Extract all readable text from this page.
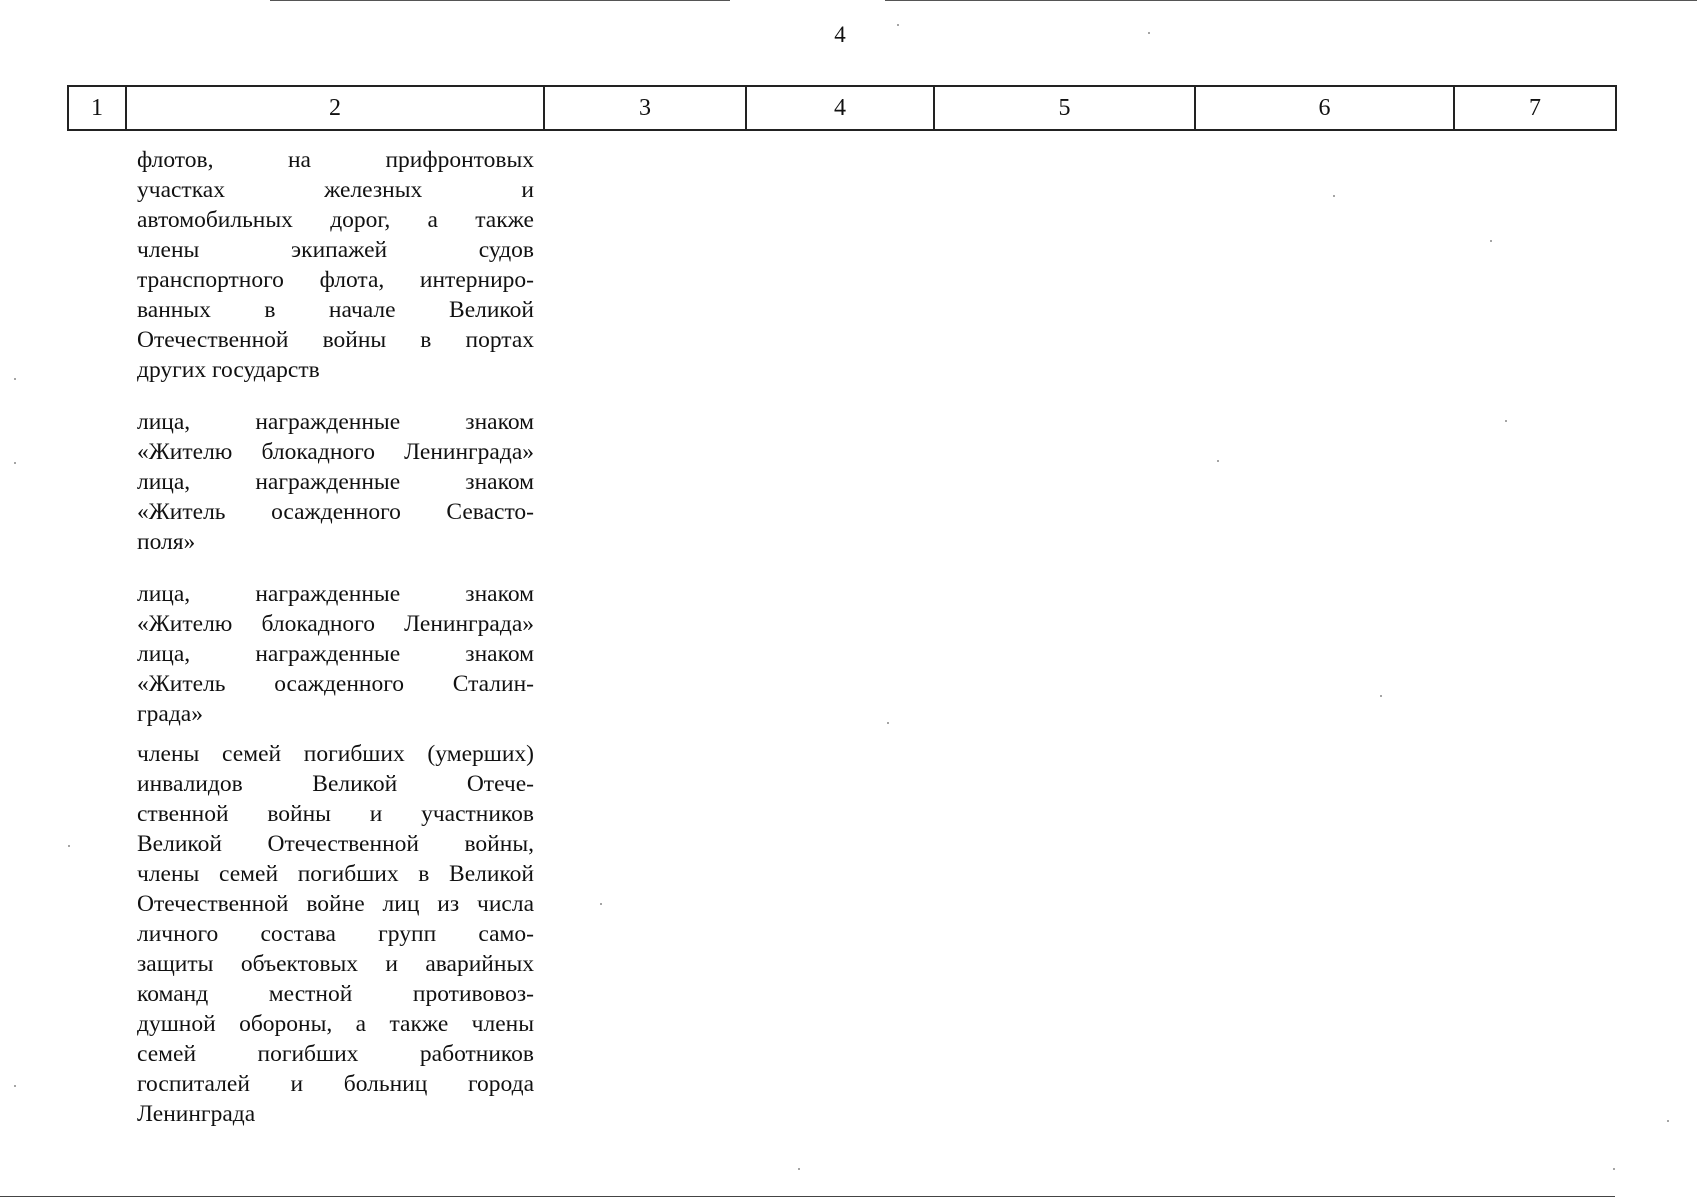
4
1	2	3	4	5	6	7
флотов, на прифронтовых
участках железных и
автомобильных дорог, а также
члены экипажей судов
транспортного флота, интерниро-
ванных в начале Великой
Отечественной войны в портах
других государств
лица, награжденные знаком
«Жителю блокадного Ленинграда»
лица, награжденные знаком
«Житель осажденного Севасто-
поля»
лица, награжденные знаком
«Жителю блокадного Ленинграда»
лица, награжденные знаком
«Житель осажденного Сталин-
града»
члены семей погибших (умерших)
инвалидов Великой Отече-
ственной войны и участников
Великой Отечественной войны,
члены семей погибших в Великой
Отечественной войне лиц из числа
личного состава групп само-
защиты объектовых и аварийных
команд местной противовоз-
душной обороны, а также члены
семей погибших работников
госпиталей и больниц города
Ленинграда
